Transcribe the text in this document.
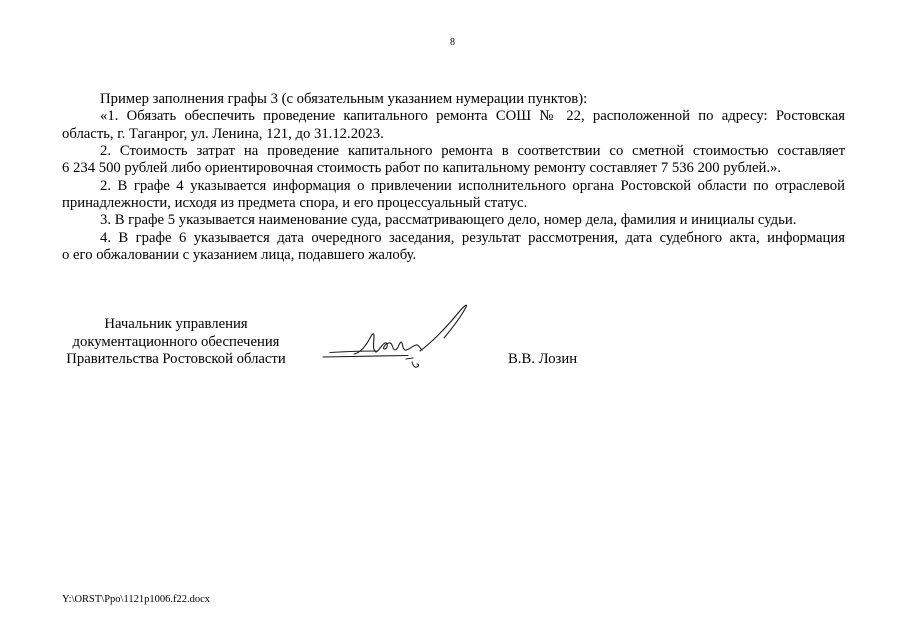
8
Пример заполнения графы 3 (с обязательным указанием нумерации пунктов):
«1. Обязать обеспечить проведение капитального ремонта СОШ № 22, расположенной по адресу: Ростовская
область, г. Таганрог, ул. Ленина, 121, до 31.12.2023.
2. Стоимость затрат на проведение капитального ремонта в соответствии со сметной стоимостью составляет
6 234 500 рублей либо ориентировочная стоимость работ по капитальному ремонту составляет 7 536 200 рублей.».
2. В графе 4 указывается информация о привлечении исполнительного органа Ростовской области по отраслевой
принадлежности, исходя из предмета спора, и его процессуальный статус.
3. В графе 5 указывается наименование суда, рассматривающего дело, номер дела, фамилия и инициалы судьи.
4. В графе 6 указывается дата очередного заседания, результат рассмотрения, дата судебного акта, информация
о его обжаловании с указанием лица, подавшего жалобу.
Начальник управления
документационного обеспечения
Правительства Ростовской области	В.В. Лозин
Y:\ORST\Ppo\1121p1006.f22.docx
